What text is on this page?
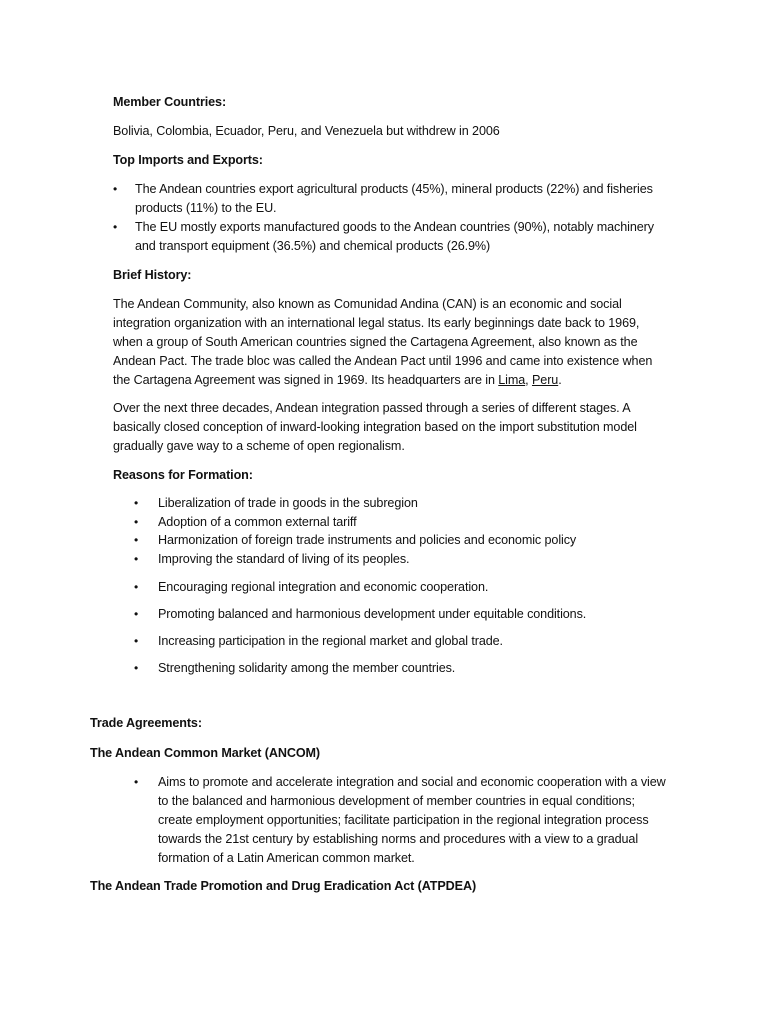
Member Countries:
Bolivia, Colombia, Ecuador, Peru, and Venezuela but withdrew in 2006
Top Imports and Exports:
• The Andean countries export agricultural products (45%), mineral products (22%) and fisheries products (11%) to the EU.
• The EU mostly exports manufactured goods to the Andean countries (90%), notably machinery and transport equipment (36.5%) and chemical products (26.9%)
Brief History:
The Andean Community, also known as Comunidad Andina (CAN) is an economic and social integration organization with an international legal status. Its early beginnings date back to 1969, when a group of South American countries signed the Cartagena Agreement, also known as the Andean Pact. The trade bloc was called the Andean Pact until 1996 and came into existence when the Cartagena Agreement was signed in 1969. Its headquarters are in Lima, Peru.
Over the next three decades, Andean integration passed through a series of different stages. A basically closed conception of inward-looking integration based on the import substitution model gradually gave way to a scheme of open regionalism.
Reasons for Formation:
• Liberalization of trade in goods in the subregion
• Adoption of a common external tariff
• Harmonization of foreign trade instruments and policies and economic policy
• Improving the standard of living of its peoples.
• Encouraging regional integration and economic cooperation.
• Promoting balanced and harmonious development under equitable conditions.
• Increasing participation in the regional market and global trade.
• Strengthening solidarity among the member countries.
Trade Agreements:
The Andean Common Market (ANCOM)
• Aims to promote and accelerate integration and social and economic cooperation with a view to the balanced and harmonious development of member countries in equal conditions; create employment opportunities; facilitate participation in the regional integration process towards the 21st century by establishing norms and procedures with a view to a gradual formation of a Latin American common market.
The Andean Trade Promotion and Drug Eradication Act (ATPDEA)
